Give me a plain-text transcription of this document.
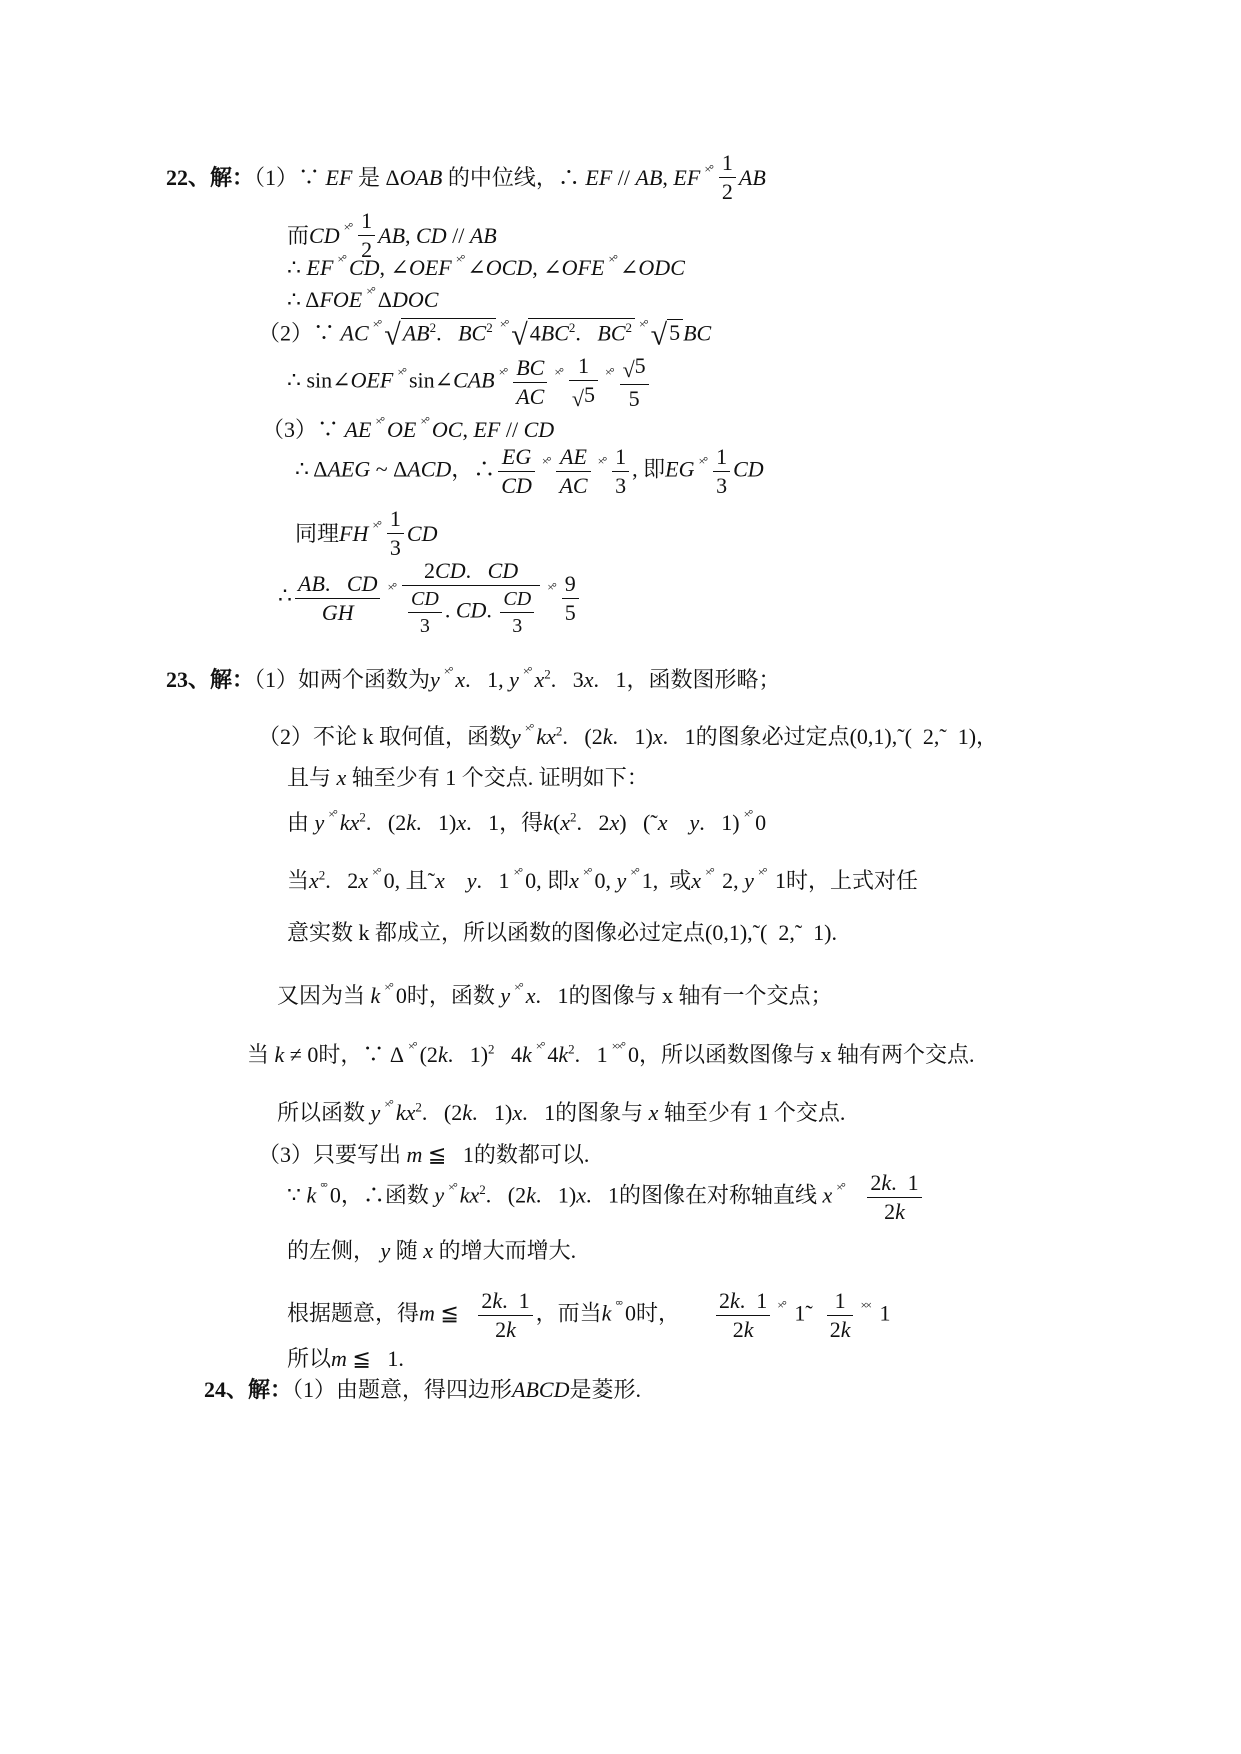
22、解：（1）∵ EF 是 ΔOAB 的中位线，∴ EF // AB, EF $^{\times^\circ} \frac{1}{2}$ AB
而CD $^{\times^\circ} \frac{1}{2}$ AB, CD // AB
∴ EF ×° CD, ∠OEF ×° ∠OCD, ∠OFE ×° ∠ODC
∴ ΔFOE ×° ΔDOC
（2）∵ AC ×° $√AB^2$.   $BC^2$ ×° $√4BC^2$.   $BC^2$ ×° √5 BC
∴ sin∠OEF ×° sin∠CAB $^{\times^\circ} \frac{BC}{AC} ^{\times^\circ} \frac{1}{√5} ^{\times^\circ} \frac{√5}{5}$
（3）∵ AE ×° OE ×° OC, EF // CD
∴ ΔAEG ~ ΔACD，∴ $\frac{EG}{CD} ^{\times^\circ} \frac{AE}{AC} ^{\times^\circ} \frac{1}{3}$ , 即EG $^{\times^\circ} \frac{1}{3}$ CD
同理FH $^{\times^\circ} \frac{1}{3}$ CD
∴ $\frac{AB. CD}{GH} ^{\times^\circ} \frac{2CD. CD}{\frac{CD}{3} . CD. \frac{CD}{3}} ^{\times^\circ} \frac{9}{5}$
23、解：（1）如两个函数为y ×° x.   1, y ×° $x^2$.   3x.   1，函数图形略；
（2）不论 k 取何值，函数y ×° $kx^2$.   (2k.   1)x.   1的图象必过定点(0,1),˜(  2,˜  1)，
且与 x 轴至少有 1 个交点. 证明如下：
由 y ×° $kx^2$.   (2k.   1)x.   1，得$k(x^2$.   2x)   (˜x y.   1) ×° 0
当$x^2$.   2x ×° 0, 且˜x y.   1 ×° 0, 即x ×° 0, y ×° 1,  或x ×° 2, y ×° 1时，上式对任
意实数 k 都成立，所以函数的图像必过定点(0,1),˜(  2,˜  1).
又因为当 k ×° 0时，函数 y ×° x.   1的图像与 x 轴有一个交点；
当 k ≠ 0时，∵ Δ ×° (2k.   1)$^2$   4k ×° $4k^2$.   1 ××° 0，所以函数图像与 x 轴有两个交点.
所以函数 y ×° $kx^2$.   (2k.   1)x.   1的图象与 x 轴至少有 1 个交点.
（3）只要写出 m ≦   1的数都可以.
∵ k °° 0，∴函数 y ×° $kx^2$.   (2k.   1)x.   1的图像在对称轴直线 x $^{\times^\circ} \frac{2k. 1}{2k}$
的左侧， y 随 x 的增大而增大.
根据题意，得m ≦ $\frac{2k. 1}{2k}$ ，而当k °° 0时， $\frac{2k. 1}{2k} ^{\times^\circ}$ 1˜ $\frac{1}{2k} ^{\times\times}$ 1
所以m ≦   1.
24、解：（1）由题意，得四边形ABCD是菱形.
